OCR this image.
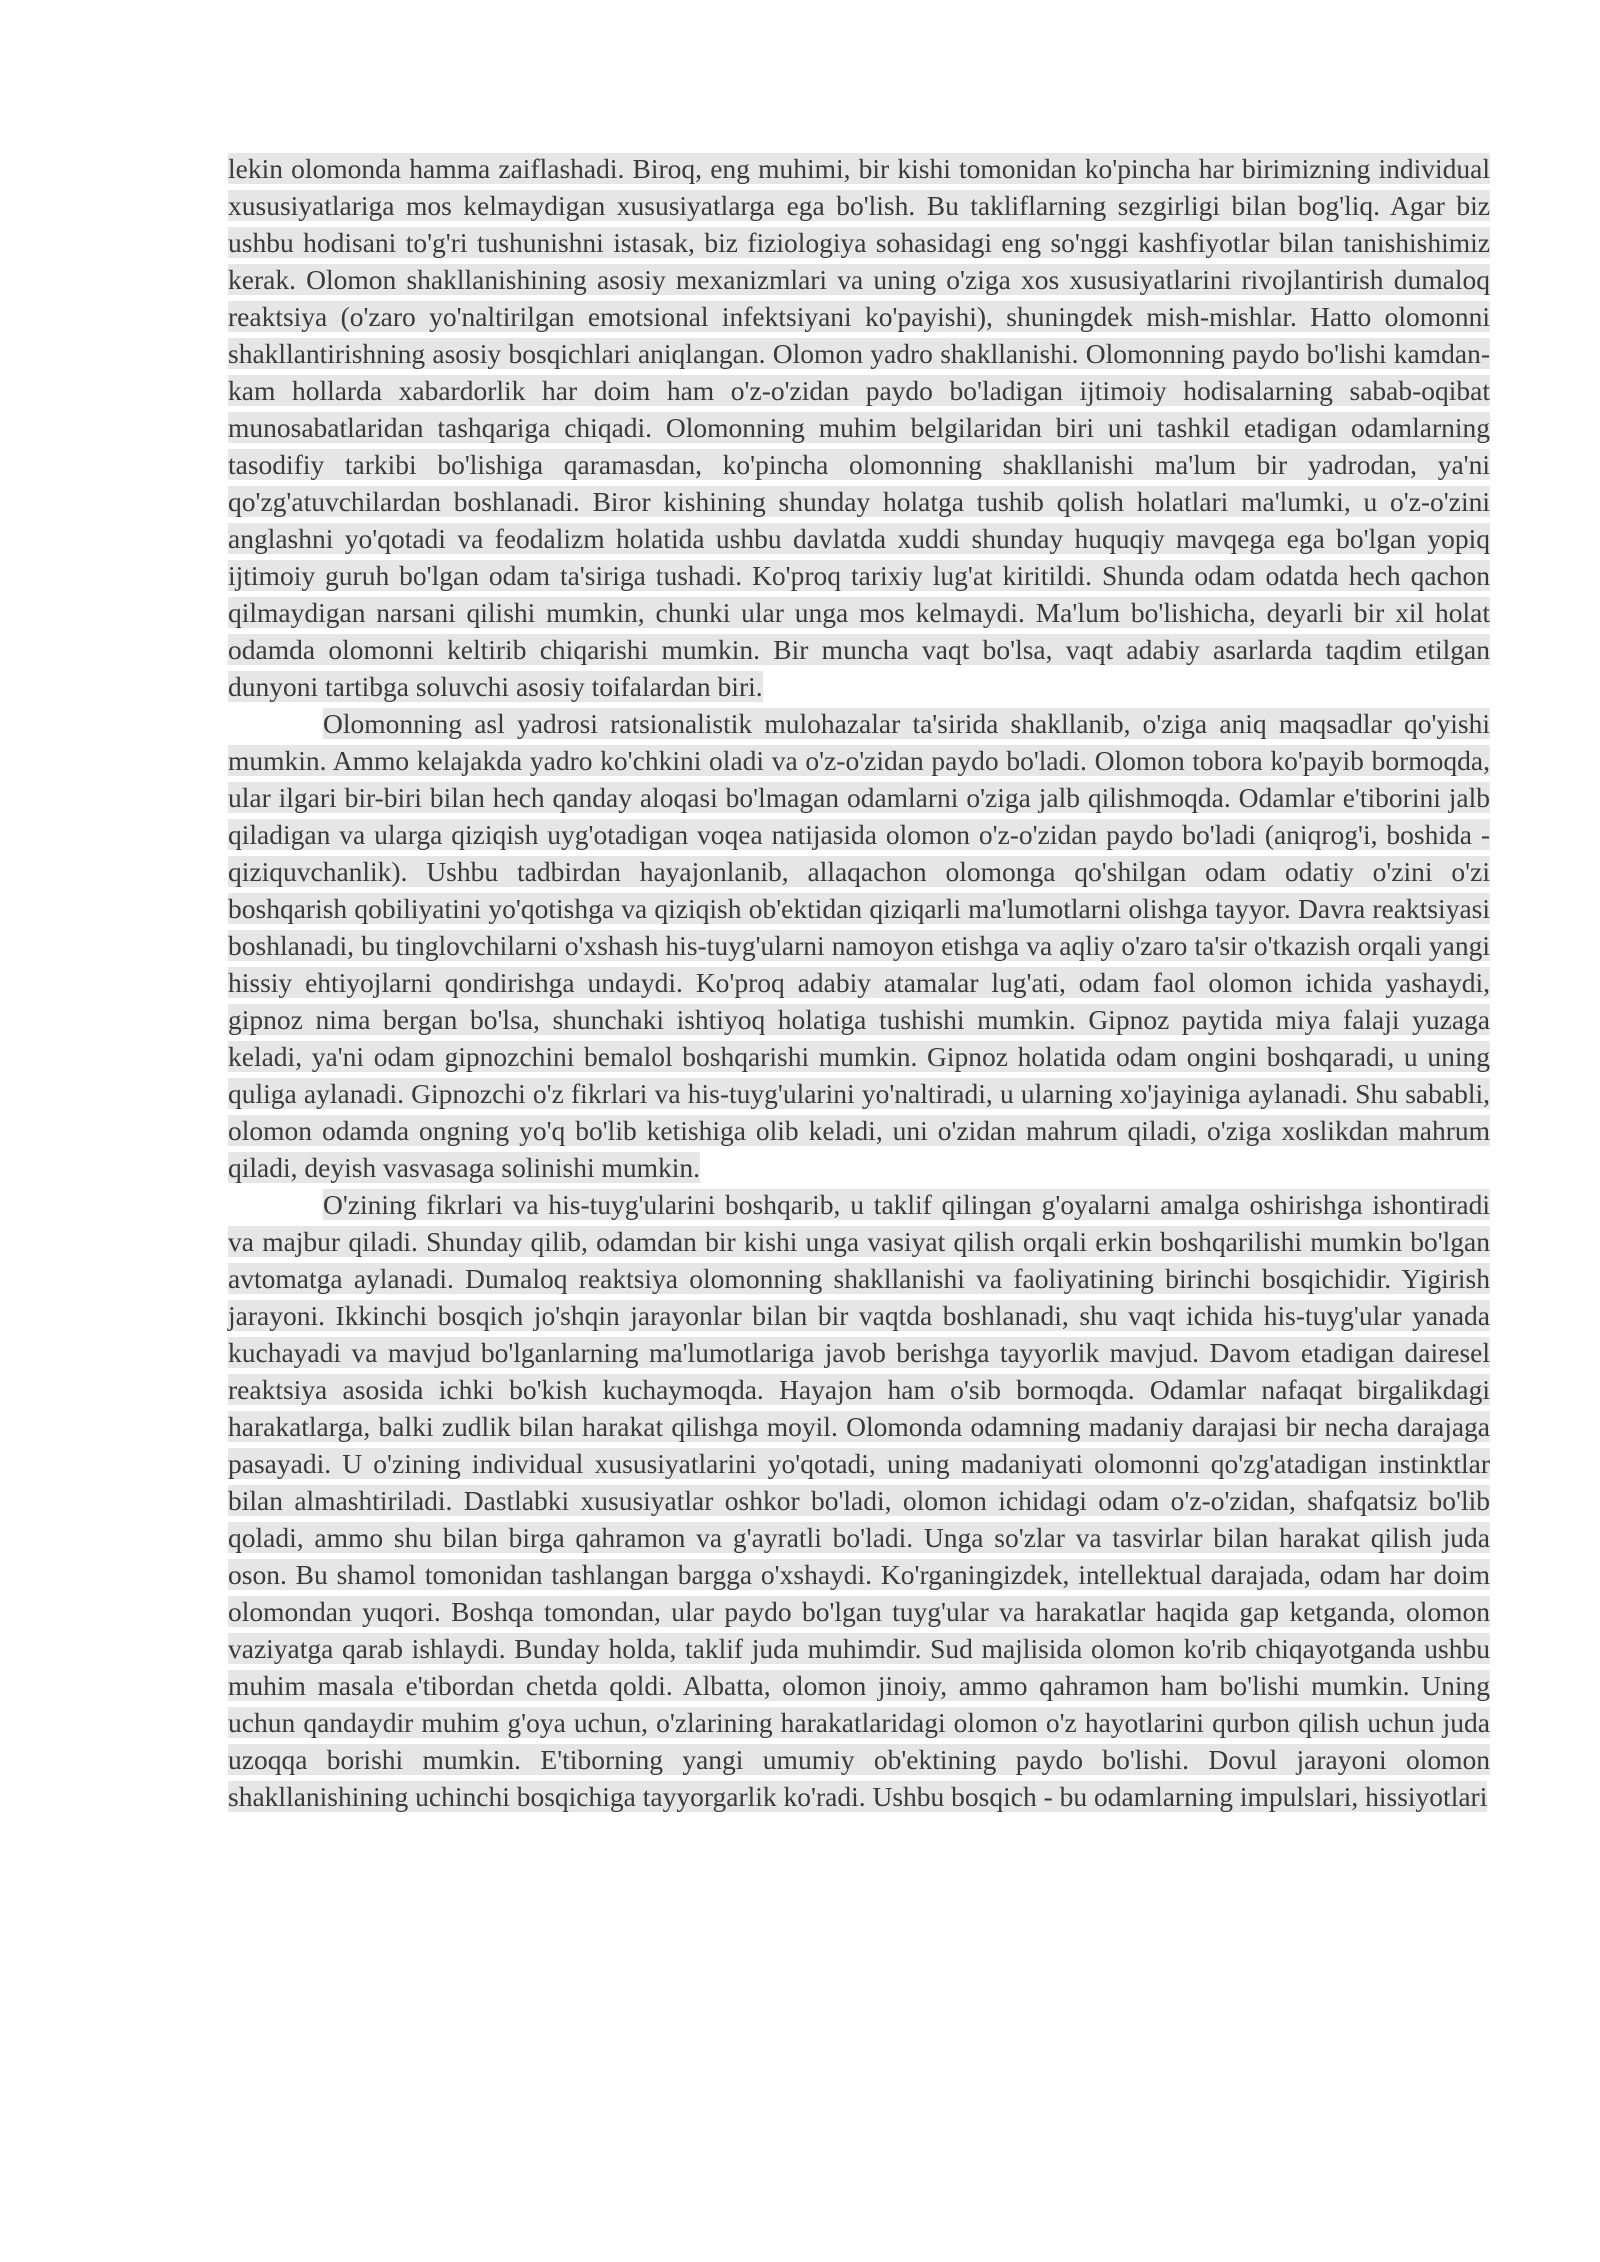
lekin olomonda hamma zaiflashadi. Biroq, eng muhimi, bir kishi tomonidan ko'pincha har birimizning individual xususiyatlariga mos kelmaydigan xususiyatlarga ega bo'lish. Bu takliflarning sezgirligi bilan bog'liq. Agar biz ushbu hodisani to'g'ri tushunishni istasak, biz fiziologiya sohasidagi eng so'nggi kashfiyotlar bilan tanishishimiz kerak. Olomon shakllanishining asosiy mexanizmlari va uning o'ziga xos xususiyatlarini rivojlantirish dumaloq reaktsiya (o'zaro yo'naltirilgan emotsional infektsiyani ko'payishi), shuningdek mish-mishlar. Hatto olomonni shakllantirishning asosiy bosqichlari aniqlangan. Olomon yadro shakllanishi. Olomonning paydo bo'lishi kamdan-kam hollarda xabardorlik har doim ham o'z-o'zidan paydo bo'ladigan ijtimoiy hodisalarning sabab-oqibat munosabatlaridan tashqariga chiqadi. Olomonning muhim belgilaridan biri uni tashkil etadigan odamlarning tasodifiy tarkibi bo'lishiga qaramasdan, ko'pincha olomonning shakllanishi ma'lum bir yadrodan, ya'ni qo'zg'atuvchilardan boshlanadi. Biror kishining shunday holatga tushib qolish holatlari ma'lumki, u o'z-o'zini anglashni yo'qotadi va feodalizm holatida ushbu davlatda xuddi shunday huquqiy mavqega ega bo'lgan yopiq ijtimoiy guruh bo'lgan odam ta'siriga tushadi. Ko'proq tarixiy lug'at kiritildi. Shunda odam odatda hech qachon qilmaydigan narsani qilishi mumkin, chunki ular unga mos kelmaydi. Ma'lum bo'lishicha, deyarli bir xil holat odamda olomonni keltirib chiqarishi mumkin. Bir muncha vaqt bo'lsa, vaqt adabiy asarlarda taqdim etilgan dunyoni tartibga soluvchi asosiy toifalardan biri.

Olomonning asl yadrosi ratsionalistik mulohazalar ta'sirida shakllanib, o'ziga aniq maqsadlar qo'yishi mumkin. Ammo kelajakda yadro ko'chkini oladi va o'z-o'zidan paydo bo'ladi. Olomon tobora ko'payib bormoqda, ular ilgari bir-biri bilan hech qanday aloqasi bo'lmagan odamlarni o'ziga jalb qilishmoqda. Odamlar e'tiborini jalb qiladigan va ularga qiziqish uyg'otadigan voqea natijasida olomon o'z-o'zidan paydo bo'ladi (aniqrog'i, boshida - qiziquvchanlik). Ushbu tadbirdan hayajonlanib, allaqachon olomonga qo'shilgan odam odatiy o'zini o'zi boshqarish qobiliyatini yo'qotishga va qiziqish ob'ektidan qiziqarli ma'lumotlarni olishga tayyor. Davra reaktsiyasi boshlanadi, bu tinglovchilarni o'xshash his-tuyg'ularni namoyon etishga va aqliy o'zaro ta'sir o'tkazish orqali yangi hissiy ehtiyojlarni qondirishga undaydi. Ko'proq adabiy atamalar lug'ati, odam faol olomon ichida yashaydi, gipnoz nima bergan bo'lsa, shunchaki ishtiyoq holatiga tushishi mumkin. Gipnoz paytida miya falaji yuzaga keladi, ya'ni odam gipnozchini bemalol boshqarishi mumkin. Gipnoz holatida odam ongini boshqaradi, u uning quliga aylanadi. Gipnozchi o'z fikrlari va his-tuyg'ularini yo'naltiradi, u ularning xo'jayiniga aylanadi. Shu sababli, olomon odamda ongning yo'q bo'lib ketishiga olib keladi, uni o'zidan mahrum qiladi, o'ziga xoslikdan mahrum qiladi, deyish vasvasaga solinishi mumkin.

O'zining fikrlari va his-tuyg'ularini boshqarib, u taklif qilingan g'oyalarni amalga oshirishga ishontiradi va majbur qiladi. Shunday qilib, odamdan bir kishi unga vasiyat qilish orqali erkin boshqarilishi mumkin bo'lgan avtomatga aylanadi. Dumaloq reaktsiya olomonning shakllanishi va faoliyatining birinchi bosqichidir. Yigirish jarayoni. Ikkinchi bosqich jo'shqin jarayonlar bilan bir vaqtda boshlanadi, shu vaqt ichida his-tuyg'ular yanada kuchayadi va mavjud bo'lganlarning ma'lumotlariga javob berishga tayyorlik mavjud. Davom etadigan dairesel reaktsiya asosida ichki bo'kish kuchaymoqda. Hayajon ham o'sib bormoqda. Odamlar nafaqat birgalikdagi harakatlarga, balki zudlik bilan harakat qilishga moyil. Olomonda odamning madaniy darajasi bir necha darajaga pasayadi. U o'zining individual xususiyatlarini yo'qotadi, uning madaniyati olomonni qo'zg'atadigan instinktlar bilan almashtiriladi. Dastlabki xususiyatlar oshkor bo'ladi, olomon ichidagi odam o'z-o'zidan, shafqatsiz bo'lib qoladi, ammo shu bilan birga qahramon va g'ayratli bo'ladi. Unga so'zlar va tasvirlar bilan harakat qilish juda oson. Bu shamol tomonidan tashlangan bargga o'xshaydi. Ko'rganingizdek, intellektual darajada, odam har doim olomondan yuqori. Boshqa tomondan, ular paydo bo'lgan tuyg'ular va harakatlar haqida gap ketganda, olomon vaziyatga qarab ishlaydi. Bunday holda, taklif juda muhimdir. Sud majlisida olomon ko'rib chiqayotganda ushbu muhim masala e'tibordan chetda qoldi. Albatta, olomon jinoiy, ammo qahramon ham bo'lishi mumkin. Uning uchun qandaydir muhim g'oya uchun, o'zlarining harakatlaridagi olomon o'z hayotlarini qurbon qilish uchun juda uzoqqa borishi mumkin. E'tiborning yangi umumiy ob'ektining paydo bo'lishi. Dovul jarayoni olomon shakllanishining uchinchi bosqichiga tayyorgarlik ko'radi. Ushbu bosqich - bu odamlarning impulslari, hissiyotlari
